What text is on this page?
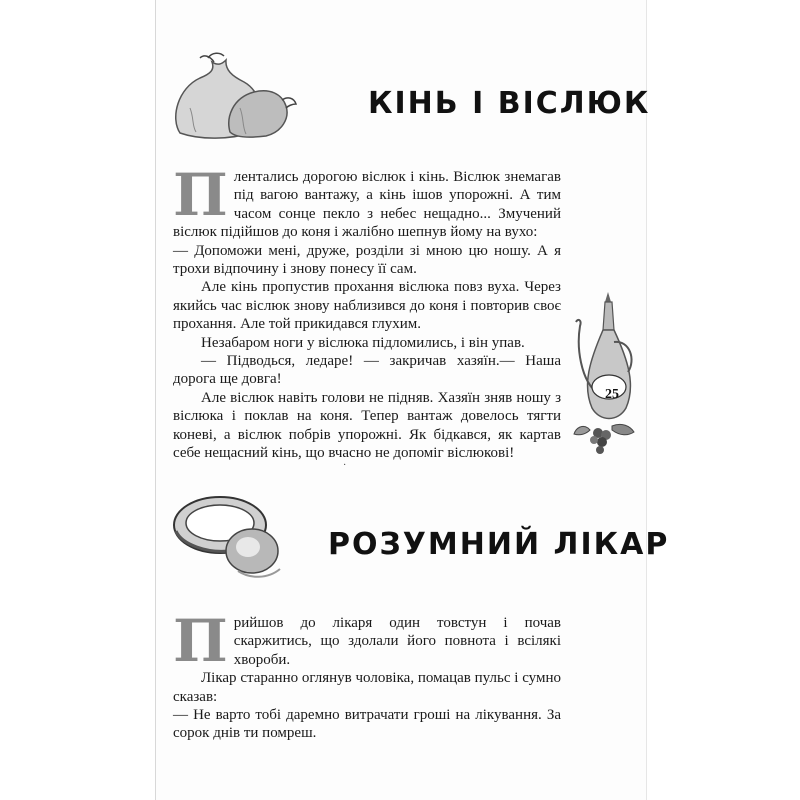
КІНЬ І ВІСЛЮК
П лентались дорогою віслюк і кінь. Віслюк знемагав під вагою вантажу, а кінь ішов упорожні. А тим часом сонце пекло з небес нещадно... Змучений віслюк підійшов до коня і жалібно шепнув йому на вухо:

— Допоможи мені, друже, розділи зі мною цю ношу. А я трохи відпочину і знову понесу її сам.

Але кінь пропустив прохання віслюка повз вуха. Через якийсь час віслюк знову наблизився до коня і повторив своє прохання. Але той прикидався глухим.

Незабаром ноги у віслюка підломились, і він упав.

— Підводься, ледаре! — закричав хазяїн.— Наша дорога ще довга!

Але віслюк навіть голови не підняв. Хазяїн зняв ношу з віслюка і поклав на коня. Тепер вантаж довелось тягти коневі, а віслюк побрів упорожні. Як бідкався, як картав себе нещасний кінь, що вчасно не допоміг віслюкові!

·
25
РОЗУМНИЙ ЛІКАР
П рийшов до лікаря один товстун і почав скаржитись, що здолали його повнота і всілякі хвороби.

Лікар старанно оглянув чоловіка, помацав пульс і сумно сказав:

— Не варто тобі даремно витрачати гроші на лікування. За сорок днів ти помреш.
